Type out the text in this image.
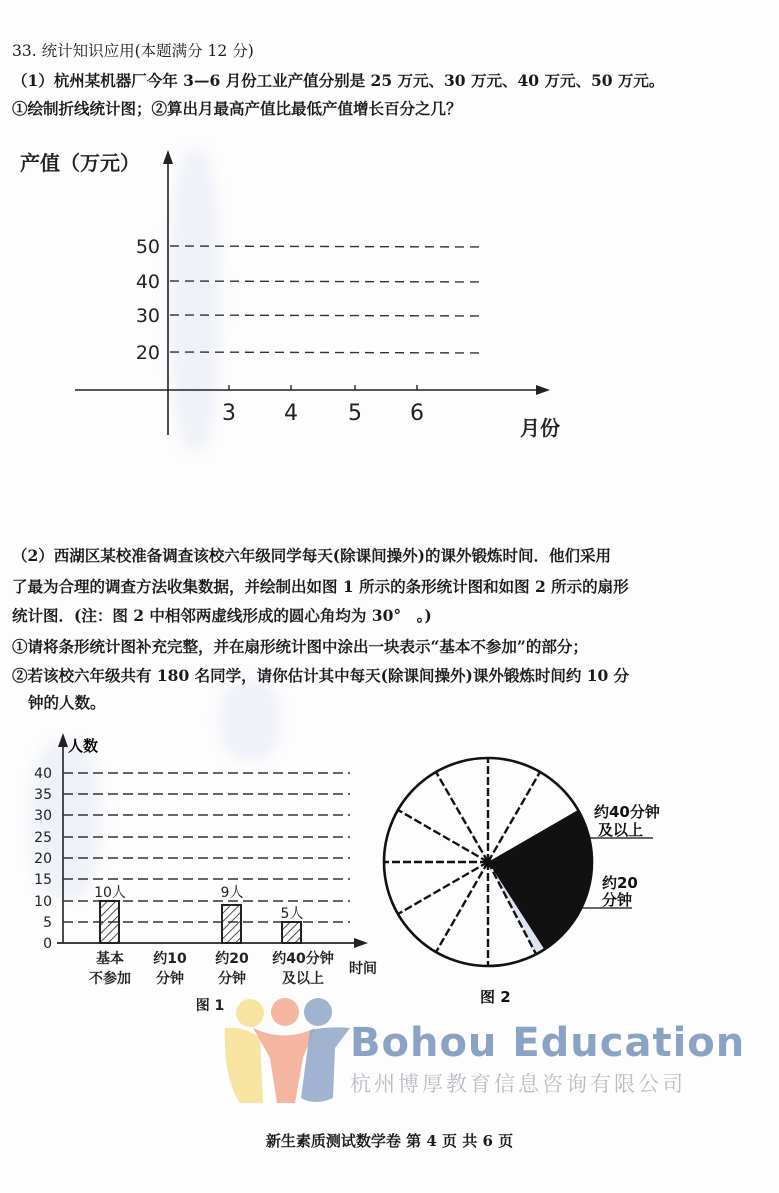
33. 统计知识应用(本题满分 12 分)
（1）杭州某机器厂今年 3—6 月份工业产值分别是 25 万元、30 万元、40 万元、50 万元。
①绘制折线统计图；②算出月最高产值比最低产值增长百分之几？
产值（万元）
50
40
30
20
3 4 5 6
月份
（2）西湖区某校准备调查该校六年级同学每天(除课间操外)的课外锻炼时间．他们采用
了最为合理的调查方法收集数据，并绘制出如图 1 所示的条形统计图和如图 2 所示的扇形
统计图．(注：图 2 中相邻两虚线形成的圆心角均为 30°　。)
①请将条形统计图补充完整，并在扇形统计图中涂出一块表示“基本不参加”的部分；
②若该校六年级共有 180 名同学，请你估计其中每天(除课间操外)课外锻炼时间约 10 分
钟的人数。
人数
0
5
10
15
20
25
30
35
40
10人	9人
5人
基本
不参加
约10
分钟
约20
分钟
约40分钟
及以上
时间
图 1
约40分钟
及以上
约20
分钟
图 2
Bohou Education
杭州博厚教育信息咨询有限公司
新生素质测试数学卷 第 4 页 共 6 页
